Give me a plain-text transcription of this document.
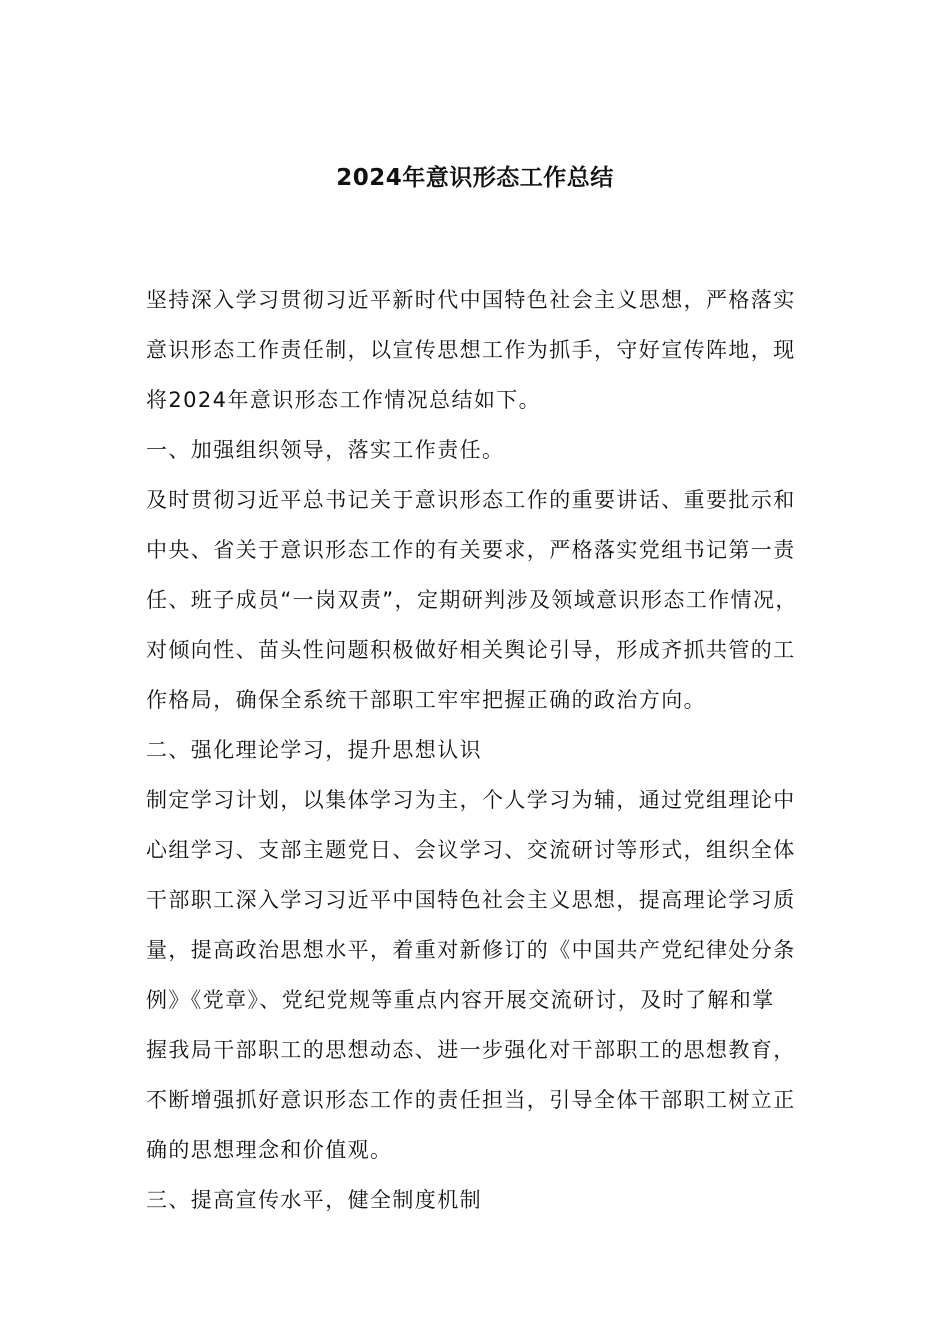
2024年意识形态工作总结
坚持深入学习贯彻习近平新时代中国特色社会主义思想，严格落实
意识形态工作责任制，以宣传思想工作为抓手，守好宣传阵地，现
将2024年意识形态工作情况总结如下。
一、加强组织领导，落实工作责任。
及时贯彻习近平总书记关于意识形态工作的重要讲话、重要批示和
中央、省关于意识形态工作的有关要求，严格落实党组书记第一责
任、班子成员“一岗双责”，定期研判涉及领域意识形态工作情况，
对倾向性、苗头性问题积极做好相关舆论引导，形成齐抓共管的工
作格局，确保全系统干部职工牢牢把握正确的政治方向。
二、强化理论学习，提升思想认识
制定学习计划，以集体学习为主，个人学习为辅，通过党组理论中
心组学习、支部主题党日、会议学习、交流研讨等形式，组织全体
干部职工深入学习习近平中国特色社会主义思想，提高理论学习质
量，提高政治思想水平，着重对新修订的《中国共产党纪律处分条
例》《党章》、党纪党规等重点内容开展交流研讨，及时了解和掌
握我局干部职工的思想动态、进一步强化对干部职工的思想教育，
不断增强抓好意识形态工作的责任担当，引导全体干部职工树立正
确的思想理念和价值观。
三、提高宣传水平，健全制度机制
